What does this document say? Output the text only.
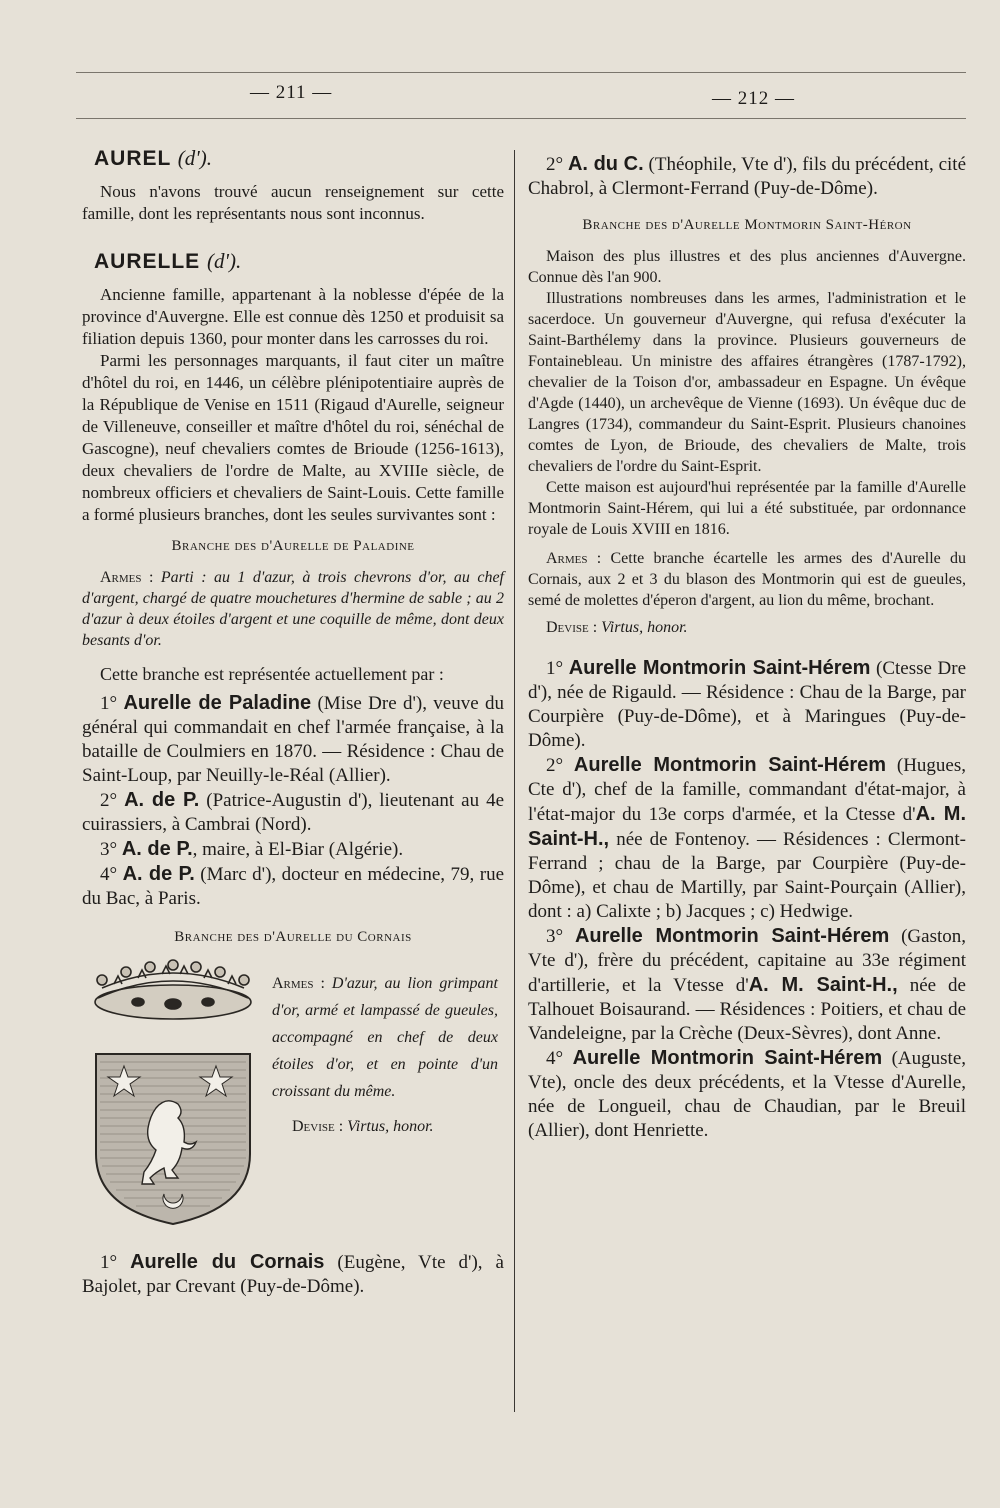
— 211 —	— 212 —
AUREL (d').

Nous n'avons trouvé aucun renseignement sur cette famille, dont les représentants nous sont inconnus.

AURELLE (d').

Ancienne famille, appartenant à la noblesse d'épée de la province d'Auvergne. Elle est connue dès 1250 et produisit sa filiation depuis 1360, pour monter dans les carrosses du roi.

Parmi les personnages marquants, il faut citer un maître d'hôtel du roi, en 1446, un célèbre plénipotentiaire auprès de la République de Venise en 1511 (Rigaud d'Aurelle, seigneur de Villeneuve, conseiller et maître d'hôtel du roi, sénéchal de Gascogne), neuf chevaliers comtes de Brioude (1256-1613), deux chevaliers de l'ordre de Malte, au XVIIIe siècle, de nombreux officiers et chevaliers de Saint-Louis. Cette famille a formé plusieurs branches, dont les seules survivantes sont :

Branche des d'Aurelle de Paladine

Armes : Parti : au 1 d'azur, à trois chevrons d'or, au chef d'argent, chargé de quatre mouchetures d'hermine de sable ; au 2 d'azur à deux étoiles d'argent et une coquille de même, dont deux besants d'or.

Cette branche est représentée actuellement par :

1° Aurelle de Paladine (Mise Dre d'), veuve du général qui commandait en chef l'armée française, à la bataille de Coulmiers en 1870. — Résidence : Chau de Saint-Loup, par Neuilly-le-Réal (Allier).

2° A. de P. (Patrice-Augustin d'), lieutenant au 4e cuirassiers, à Cambrai (Nord).

3° A. de P., maire, à El-Biar (Algérie).

4° A. de P. (Marc d'), docteur en médecine, 79, rue du Bac, à Paris.

Branche des d'Aurelle du Cornais
Armes : D'azur, au lion grimpant d'or, armé et lampassé de gueules, accompagné en chef de deux étoiles d'or, et en pointe d'un croissant du même.
Devise : Virtus, honor.

1° Aurelle du Cornais (Eugène, Vte d'), à Bajolet, par Crevant (Puy-de-Dôme).

2° A. du C. (Théophile, Vte d'), fils du précédent, cité Chabrol, à Clermont-Ferrand (Puy-de-Dôme).

Branche des d'Aurelle Montmorin Saint-Héron

Maison des plus illustres et des plus anciennes d'Auvergne. Connue dès l'an 900.

Illustrations nombreuses dans les armes, l'administration et le sacerdoce. Un gouverneur d'Auvergne, qui refusa d'exécuter la Saint-Barthélemy dans la province. Plusieurs gouverneurs de Fontainebleau. Un ministre des affaires étrangères (1787-1792), chevalier de la Toison d'or, ambassadeur en Espagne. Un évêque d'Agde (1440), un archevêque de Vienne (1693). Un évêque duc de Langres (1734), commandeur du Saint-Esprit. Plusieurs chanoines comtes de Lyon, de Brioude, des chevaliers de Malte, trois chevaliers de l'ordre du Saint-Esprit.

Cette maison est aujourd'hui représentée par la famille d'Aurelle Montmorin Saint-Hérem, qui lui a été substituée, par ordonnance royale de Louis XVIII en 1816.

Armes : Cette branche écartelle les armes des d'Aurelle du Cornais, aux 2 et 3 du blason des Montmorin qui est de gueules, semé de molettes d'éperon d'argent, au lion du même, brochant.

Devise : Virtus, honor.

1° Aurelle Montmorin Saint-Hérem (Ctesse Dre d'), née de Rigauld. — Résidence : Chau de la Barge, par Courpière (Puy-de-Dôme), et à Maringues (Puy-de-Dôme).

2° Aurelle Montmorin Saint-Hérem (Hugues, Cte d'), chef de la famille, commandant d'état-major, à l'état-major du 13e corps d'armée, et la Ctesse d'A. M. Saint-H., née de Fontenoy. — Résidences : Clermont-Ferrand ; chau de la Barge, par Courpière (Puy-de-Dôme), et chau de Martilly, par Saint-Pourçain (Allier), dont : a) Calixte ; b) Jacques ; c) Hedwige.

3° Aurelle Montmorin Saint-Hérem (Gaston, Vte d'), frère du précédent, capitaine au 33e régiment d'artillerie, et la Vtesse d'A. M. Saint-H., née de Talhouet Boisaurand. — Résidences : Poitiers, et chau de Vandeleigne, par la Crèche (Deux-Sèvres), dont Anne.

4° Aurelle Montmorin Saint-Hérem (Auguste, Vte), oncle des deux précédents, et la Vtesse d'Aurelle, née de Longueil, chau de Chaudian, par le Breuil (Allier), dont Henriette.
